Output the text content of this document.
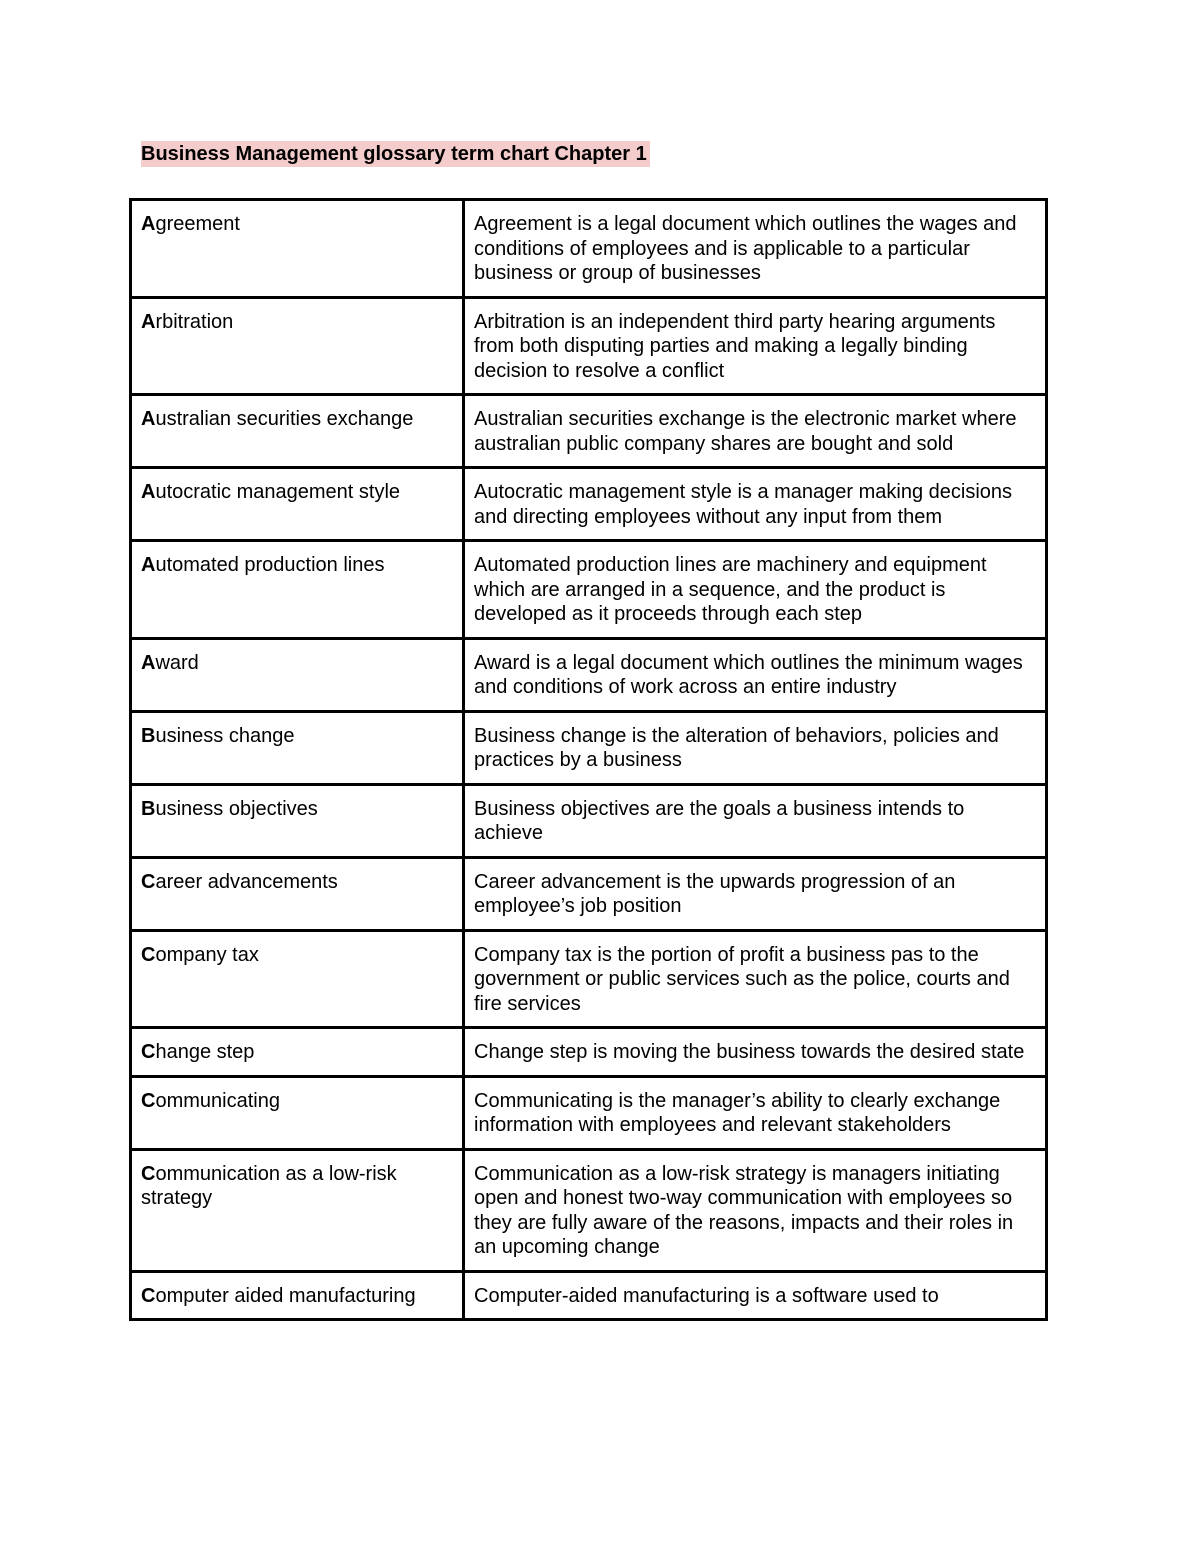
Business Management glossary term chart Chapter 1
Agreement	Agreement is a legal document which outlines the wages and conditions of employees and is applicable to a particular business or group of businesses
Arbitration	Arbitration is an independent third party hearing arguments from both disputing parties and making a legally binding decision to resolve a conflict
Australian securities exchange	Australian securities exchange is the electronic market where australian public company shares are bought and sold
Autocratic management style	Autocratic management style is a manager making decisions and directing employees without any input from them
Automated production lines	Automated production lines are machinery and equipment which are arranged in a sequence, and the product is developed as it proceeds through each step
Award	Award is a legal document which outlines the minimum wages and conditions of work across an entire industry
Business change	Business change is the alteration of behaviors, policies and practices by a business
Business objectives	Business objectives are the goals a business intends to achieve
Career advancements	Career advancement is the upwards progression of an employee’s job position
Company tax	Company tax is the portion of profit a business pas to the government or public services such as the police, courts and fire services
Change step	Change step is moving the business towards the desired state
Communicating	Communicating is the manager’s ability to clearly exchange information with employees and relevant stakeholders
Communication as a low-risk strategy	Communication as a low-risk strategy is managers initiating open and honest two-way communication with employees so they are fully aware of the reasons, impacts and their roles in an upcoming change
Computer aided manufacturing	Computer-aided manufacturing is a software used to
